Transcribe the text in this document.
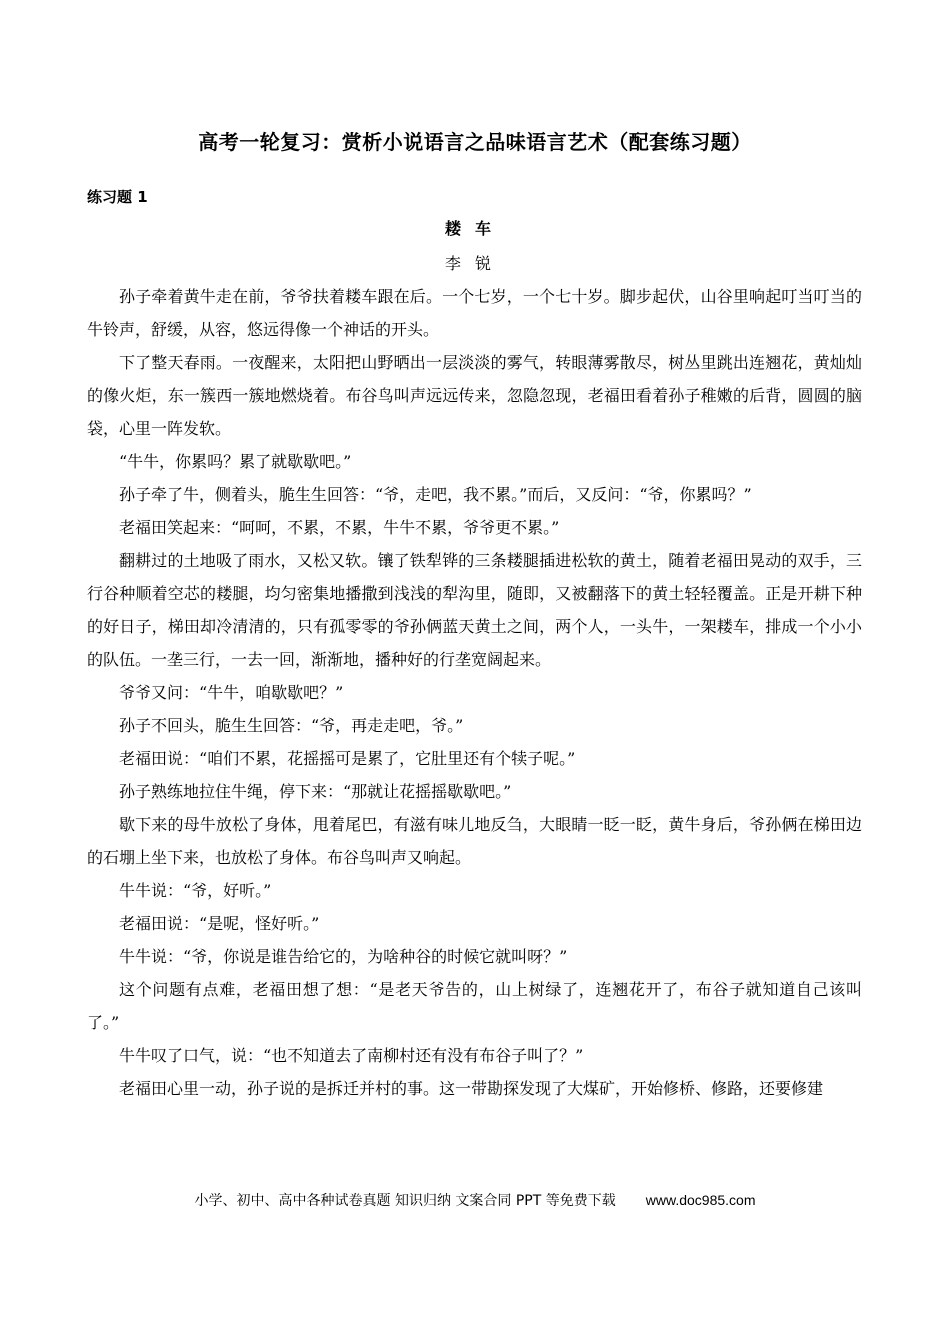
高考一轮复习：赏析小说语言之品味语言艺术（配套练习题）
练习题 1
耧车
李锐

孙子牵着黄牛走在前，爷爷扶着耧车跟在后。一个七岁，一个七十岁。脚步起伏，山谷里响起叮当叮当的牛铃声，舒缓，从容，悠远得像一个神话的开头。

下了整天春雨。一夜醒来，太阳把山野晒出一层淡淡的雾气，转眼薄雾散尽，树丛里跳出连翘花，黄灿灿的像火炬，东一簇西一簇地燃烧着。布谷鸟叫声远远传来，忽隐忽现，老福田看着孙子稚嫩的后背，圆圆的脑袋，心里一阵发软。

“牛牛，你累吗？累了就歇歇吧。”

孙子牵了牛，侧着头，脆生生回答：“爷，走吧，我不累。”而后，又反问：“爷，你累吗？”

老福田笑起来：“呵呵，不累，不累，牛牛不累，爷爷更不累。”

翻耕过的土地吸了雨水，又松又软。镶了铁犁铧的三条耧腿插进松软的黄土，随着老福田晃动的双手，三行谷种顺着空芯的耧腿，均匀密集地播撒到浅浅的犁沟里，随即，又被翻落下的黄土轻轻覆盖。正是开耕下种的好日子，梯田却冷清清的，只有孤零零的爷孙俩蓝天黄土之间，两个人，一头牛，一架耧车，排成一个小小的队伍。一垄三行，一去一回，渐渐地，播种好的行垄宽阔起来。

爷爷又问：“牛牛，咱歇歇吧？”

孙子不回头，脆生生回答：“爷，再走走吧，爷。”

老福田说：“咱们不累，花摇摇可是累了，它肚里还有个犊子呢。”

孙子熟练地拉住牛绳，停下来：“那就让花摇摇歇歇吧。”

歇下来的母牛放松了身体，甩着尾巴，有滋有味儿地反刍，大眼睛一眨一眨，黄牛身后，爷孙俩在梯田边的石堋上坐下来，也放松了身体。布谷鸟叫声又响起。

牛牛说：“爷，好听。”

老福田说：“是呢，怪好听。”

牛牛说：“爷，你说是谁告给它的，为啥种谷的时候它就叫呀？”

这个问题有点难，老福田想了想：“是老天爷告的，山上树绿了，连翘花开了，布谷子就知道自己该叫了。”

牛牛叹了口气，说：“也不知道去了南柳村还有没有布谷子叫了？”

老福田心里一动，孙子说的是拆迁并村的事。这一带勘探发现了大煤矿，开始修桥、修路，还要修建

小学、初中、高中各种试卷真题 知识归纳 文案合同 PPT 等免费下载 www.doc985.com
